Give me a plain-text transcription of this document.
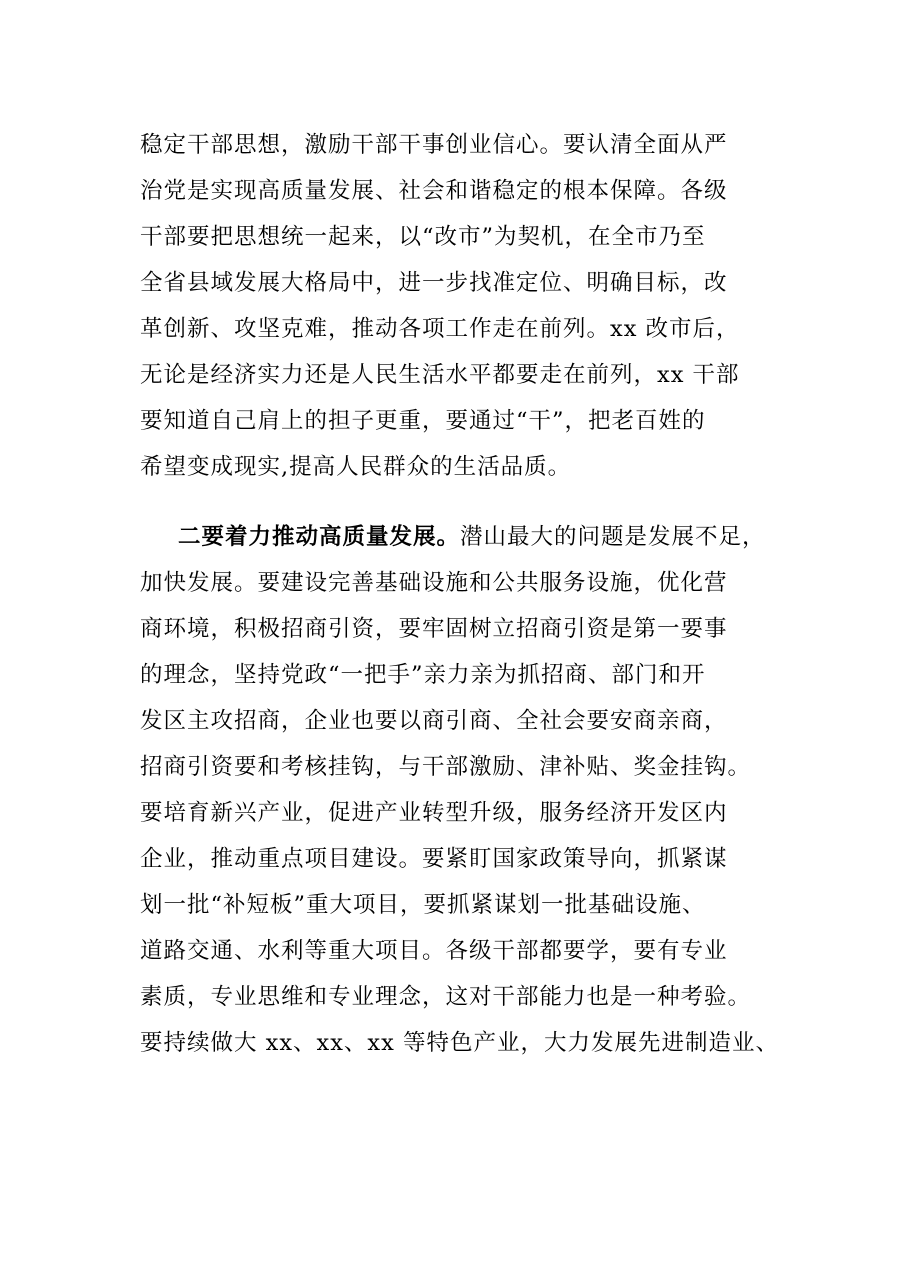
稳定干部思想，激励干部干事创业信心。要认清全面从严
治党是实现高质量发展、社会和谐稳定的根本保障。各级
干部要把思想统一起来，以“改市”为契机，在全市乃至
全省县域发展大格局中，进一步找准定位、明确目标，改
革创新、攻坚克难，推动各项工作走在前列。xx 改市后，
无论是经济实力还是人民生活水平都要走在前列，xx 干部
要知道自己肩上的担子更重，要通过“干”，把老百姓的
希望变成现实,提高人民群众的生活品质。
二要着力推动高质量发展。潜山最大的问题是发展不足，
加快发展。要建设完善基础设施和公共服务设施，优化营
商环境，积极招商引资，要牢固树立招商引资是第一要事
的理念，坚持党政“一把手”亲力亲为抓招商、部门和开
发区主攻招商，企业也要以商引商、全社会要安商亲商，
招商引资要和考核挂钩，与干部激励、津补贴、奖金挂钩。
要培育新兴产业，促进产业转型升级，服务经济开发区内
企业，推动重点项目建设。要紧盯国家政策导向，抓紧谋
划一批“补短板”重大项目，要抓紧谋划一批基础设施、
道路交通、水利等重大项目。各级干部都要学，要有专业
素质，专业思维和专业理念，这对干部能力也是一种考验。
要持续做大 xx、xx、xx 等特色产业，大力发展先进制造业、
